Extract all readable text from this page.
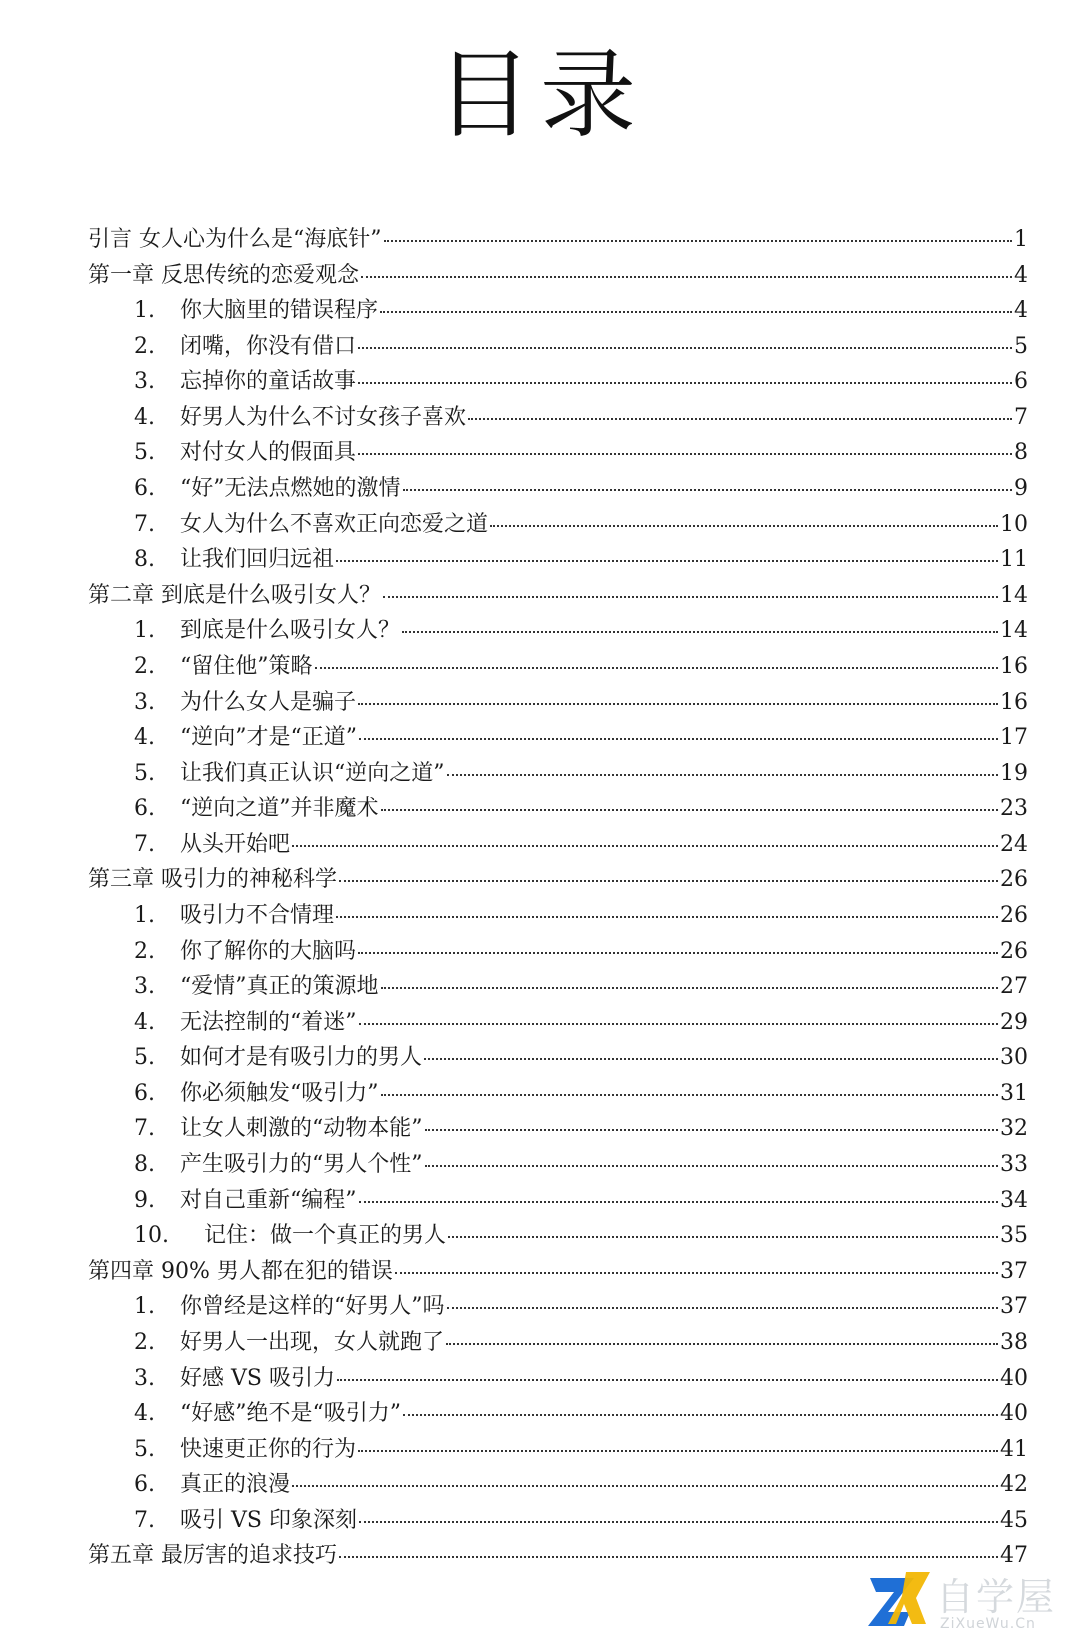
目录
引言 女人心为什么是“海底针”	1
第一章 反思传统的恋爱观念	4
1.	你大脑里的错误程序	4
2.	闭嘴，你没有借口	5
3.	忘掉你的童话故事	6
4.	好男人为什么不讨女孩子喜欢	7
5.	对付女人的假面具	8
6.	“好”无法点燃她的激情	9
7.	女人为什么不喜欢正向恋爱之道	10
8.	让我们回归远祖	11
第二章 到底是什么吸引女人？	14
1.	到底是什么吸引女人？	14
2.	“留住他”策略	16
3.	为什么女人是骗子	16
4.	“逆向”才是“正道”	17
5.	让我们真正认识“逆向之道”	19
6.	“逆向之道”并非魔术	23
7.	从头开始吧	24
第三章 吸引力的神秘科学	26
1.	吸引力不合情理	26
2.	你了解你的大脑吗	26
3.	“爱情”真正的策源地	27
4.	无法控制的“着迷”	29
5.	如何才是有吸引力的男人	30
6.	你必须触发“吸引力”	31
7.	让女人刺激的“动物本能”	32
8.	产生吸引力的“男人个性”	33
9.	对自己重新“编程”	34
10.	记住：做一个真正的男人	35
第四章 90% 男人都在犯的错误	37
1.	你曾经是这样的“好男人”吗	37
2.	好男人一出现，女人就跑了	38
3.	好感 VS 吸引力	40
4.	“好感”绝不是“吸引力”	40
5.	快速更正你的行为	41
6.	真正的浪漫	42
7.	吸引 VS 印象深刻	45
第五章 最厉害的追求技巧	47
自学屋
ZiXueWu.Cn
